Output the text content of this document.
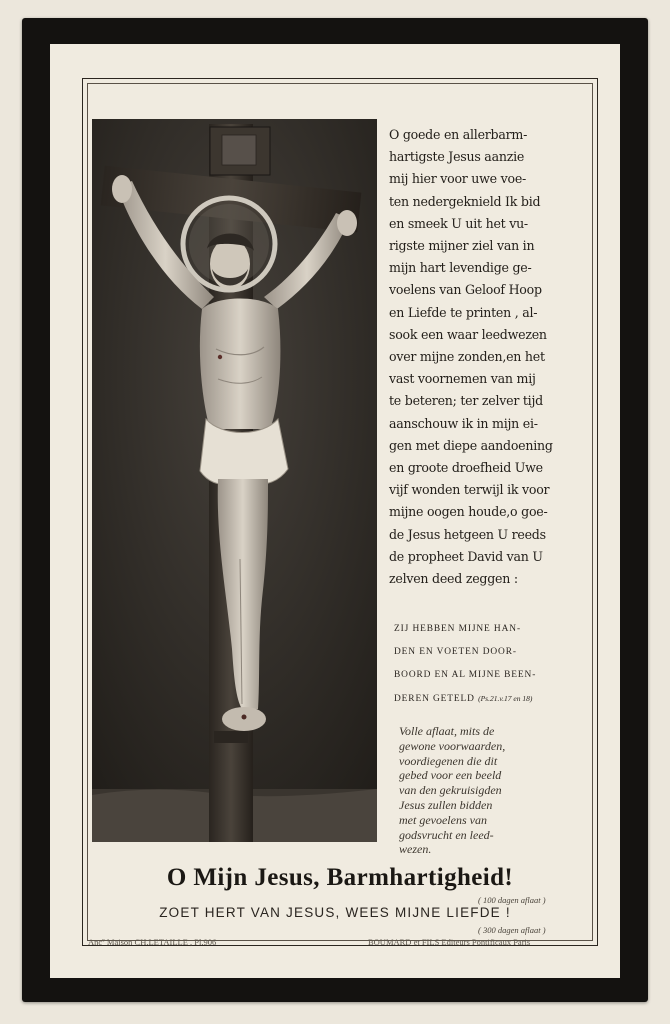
O goede en allerbarm-
hartigste Jesus aanzie
mij hier voor uwe voe-
ten nedergeknield Ik bid
en smeek U uit het vu-
rigste mijner ziel van in
mijn hart levendige ge-
voelens van Geloof Hoop
en Liefde te printen , al-
sook een waar leedwezen
over mijne zonden,en het
vast voornemen van mij
te beteren; ter zelver tijd
aanschouw ik in mijn ei-
gen met diepe aandoening
en groote droefheid Uwe
vijf wonden terwijl ik voor
mijne oogen houde,o goe-
de Jesus hetgeen U reeds
de propheet David van U
zelven deed zeggen :
ZIJ HEBBEN MIJNE HAN-
DEN EN VOETEN DOOR-
BOORD EN AL MIJNE BEEN-
DEREN GETELD (Ps.21.v.17 en 18)
Volle aflaat, mits de
gewone voorwaarden,
voordiegenen die dit
gebed voor een beeld
van den gekruisigden
Jesus zullen bidden
met gevoelens van
godsvrucht en leed-
wezen.
O Mijn Jesus, Barmhartigheid!
( 100 dagen aflaat )
ZOET HERT VAN JESUS, WEES MIJNE LIEFDE !
( 300 dagen aflaat )
Ancº Maison CH.LETAILLE , Pl.906	BOUMARD et FILS Editeurs Pontificaux Paris
